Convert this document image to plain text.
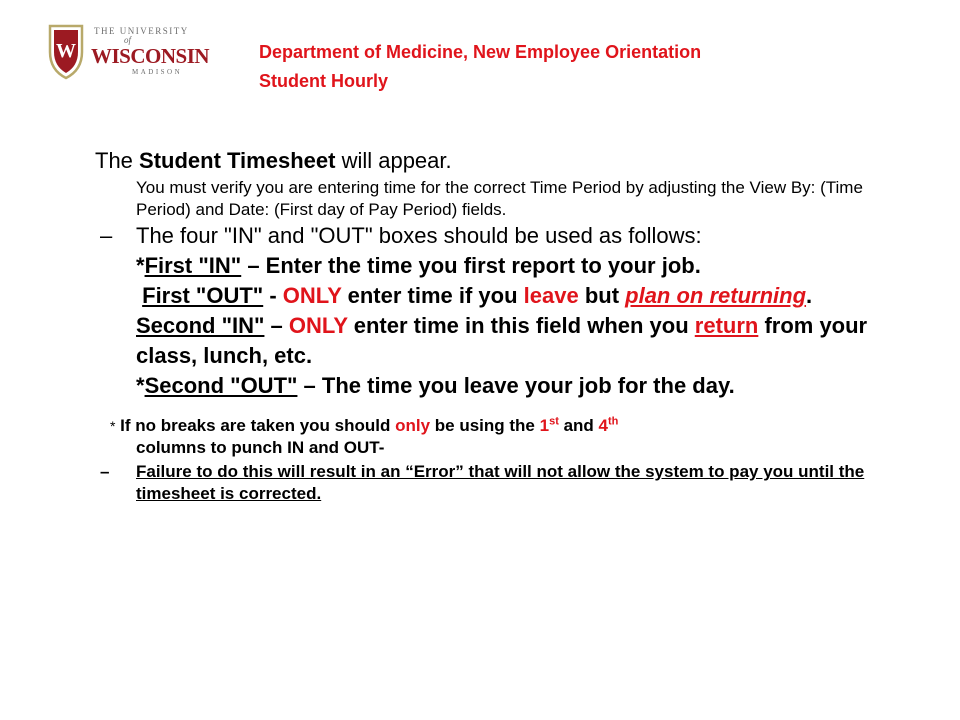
W
THE UNIVERSITY
of
WISCONSIN
MADISON
Department of Medicine, New Employee Orientation
Student Hourly

The Student Timesheet will appear.

You must verify you are entering time for the correct Time Period by adjusting the View By: (Time Period) and Date: (First day of Pay Period) fields.
– The four "IN" and "OUT" boxes should be used as follows:
*First "IN" – Enter the time you first report to your job.
First "OUT" - ONLY enter time if you leave but plan on returning.
Second "IN" – ONLY enter time in this field when you return from your class, lunch, etc.
*Second "OUT" – The time you leave your job for the day.
* If no breaks are taken you should only be using the 1st and 4th
columns to punch IN and OUT-
– Failure to do this will result in an “Error” that will not allow the system to pay you until the timesheet is corrected.
